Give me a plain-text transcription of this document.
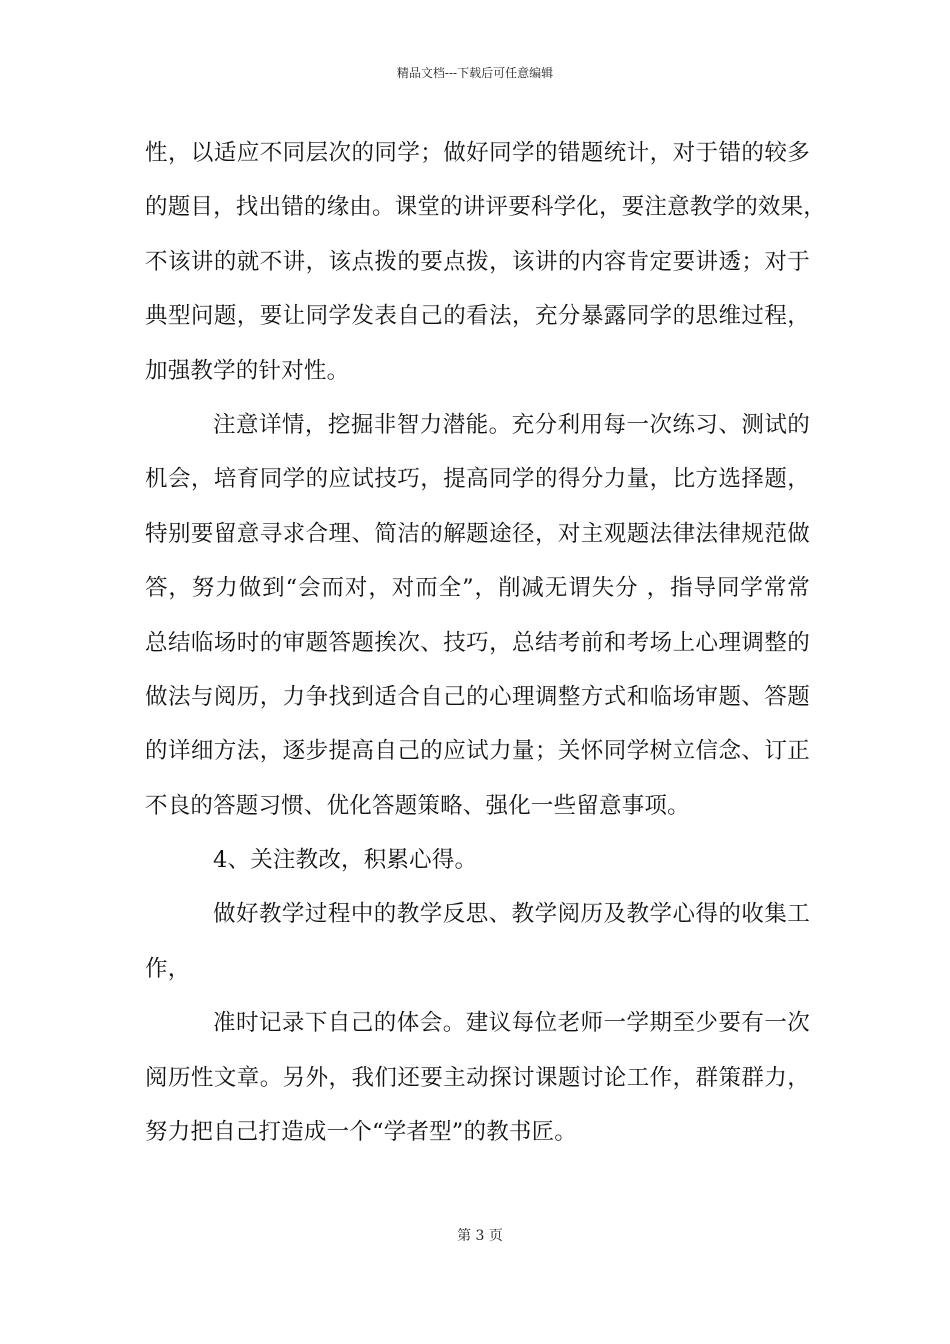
精品文档---下载后可任意编辑
性，以适应不同层次的同学；做好同学的错题统计，对于错的较多
的题目，找出错的缘由。课堂的讲评要科学化，要注意教学的效果，
不该讲的就不讲，该点拨的要点拨，该讲的内容肯定要讲透；对于
典型问题，要让同学发表自己的看法，充分暴露同学的思维过程，
加强教学的针对性。
注意详情，挖掘非智力潜能。充分利用每一次练习、测试的
机会，培育同学的应试技巧，提高同学的得分力量，比方选择题，
特别要留意寻求合理、简洁的解题途径，对主观题法律法律规范做
答，努力做到“会而对，对而全”，削减无谓失分 ，指导同学常常
总结临场时的审题答题挨次、技巧，总结考前和考场上心理调整的
做法与阅历，力争找到适合自己的心理调整方式和临场审题、答题
的详细方法，逐步提高自己的应试力量；关怀同学树立信念、订正
不良的答题习惯、优化答题策略、强化一些留意事项。
4、关注教改，积累心得。
做好教学过程中的教学反思、教学阅历及教学心得的收集工
作，
准时记录下自己的体会。建议每位老师一学期至少要有一次
阅历性文章。另外，我们还要主动探讨课题讨论工作，群策群力，
努力把自己打造成一个“学者型”的教书匠。
第 3 页
